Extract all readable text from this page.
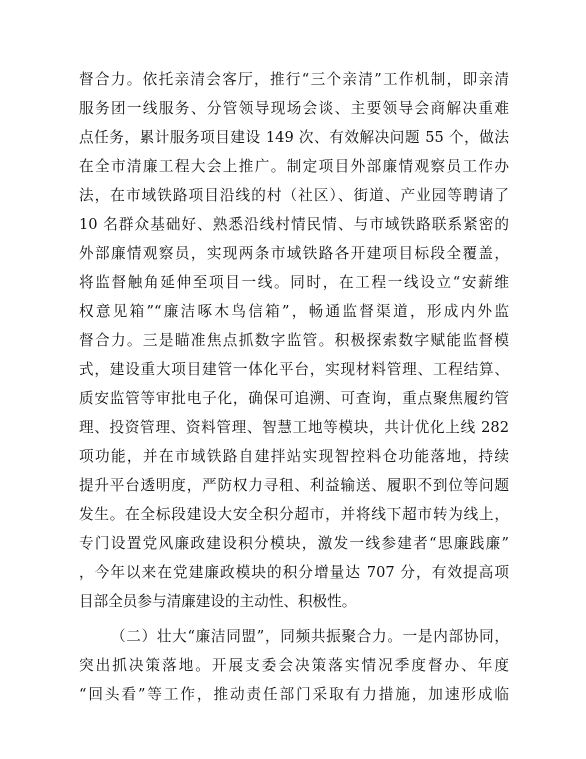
督合力。依托亲清会客厅，推行“三个亲清”工作机制，即亲清
服务团一线服务、分管领导现场会谈、主要领导会商解决重难
点任务，累计服务项目建设 149 次、有效解决问题 55 个，做法
在全市清廉工程大会上推广。制定项目外部廉情观察员工作办
法，在市域铁路项目沿线的村（社区）、街道、产业园等聘请了
10 名群众基础好、熟悉沿线村情民情、与市域铁路联系紧密的
外部廉情观察员，实现两条市域铁路各开建项目标段全覆盖，
将监督触角延伸至项目一线。同时，在工程一线设立“安薪维
权意见箱”“廉洁啄木鸟信箱”，畅通监督渠道，形成内外监
督合力。三是瞄准焦点抓数字监管。积极探索数字赋能监督模
式，建设重大项目建管一体化平台，实现材料管理、工程结算、
质安监管等审批电子化，确保可追溯、可查询，重点聚焦履约管
理、投资管理、资料管理、智慧工地等模块，共计优化上线 282
项功能，并在市域铁路自建拌站实现智控料仓功能落地，持续
提升平台透明度，严防权力寻租、利益输送、履职不到位等问题
发生。在全标段建设大安全积分超市，并将线下超市转为线上，
专门设置党风廉政建设积分模块，激发一线参建者“思廉践廉”
，今年以来在党建廉政模块的积分增量达 707 分，有效提高项
目部全员参与清廉建设的主动性、积极性。
（二）壮大“廉洁同盟”，同频共振聚合力。一是内部协同，
突出抓决策落地。开展支委会决策落实情况季度督办、年度
“回头看”等工作，推动责任部门采取有力措施，加速形成临
